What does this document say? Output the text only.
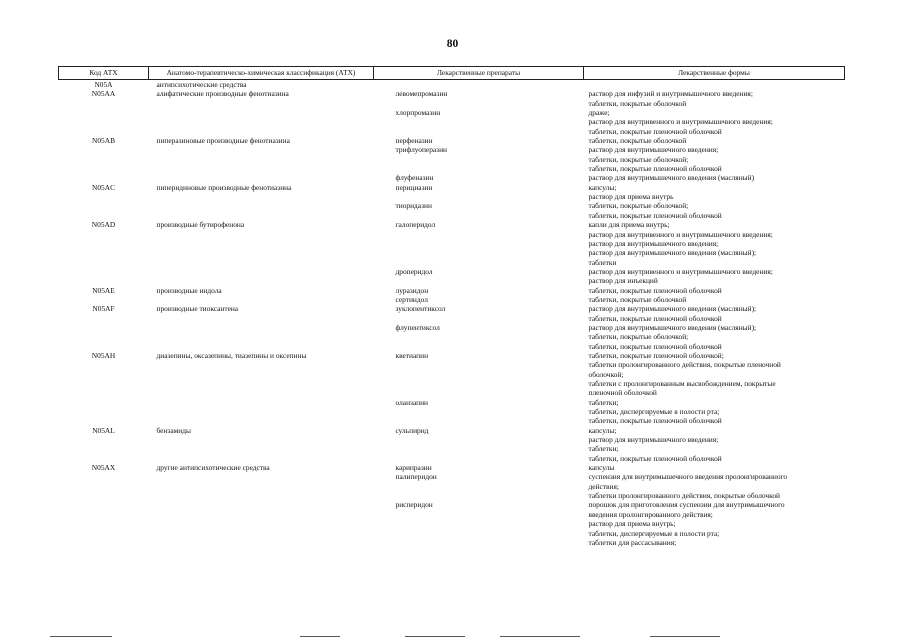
80
Код АТХ	Анатомо-терапевтическо-химическая классификация (АТХ)	Лекарственные препараты	Лекарственные формы
N05A	антипсихотические средства		
N05AA	алифатические производные фенотиазина	левомепромазин	раствор для инфузий и внутримышечного введения;
таблетки, покрытые оболочкой

		хлорпромазин	драже;
раствор для внутривенного и внутримышечного введения;
таблетки, покрытые пленочной оболочкой

N05AB	пиперазиновые производные фенотиазина	перфеназин	таблетки, покрытые оболочкой

		трифлуоперазин	раствор для внутримышечного введения;
таблетки, покрытые оболочкой;
таблетки, покрытые пленочной оболочкой

		флуфеназин	раствор для внутримышечного введения (масляный)

N05AC	пиперидиновые производные фенотиазина	перициазин	капсулы;
раствор для приема внутрь

		тиоридазин	таблетки, покрытые оболочкой;
таблетки, покрытые пленочной оболочкой

N05AD	производные бутирофенона	галоперидол	капли для приема внутрь;
раствор для внутривенного и внутримышечного введения;
раствор для внутримышечного введения;
раствор для внутримышечного введения (масляный);
таблетки

		дроперидол	раствор для внутривенного и внутримышечного введения;
раствор для инъекций

N05AE	производные индола	луразидон	таблетки, покрытые пленочной оболочкой

		сертиндол	таблетки, покрытые оболочкой

N05AF	производные тиоксантена	зуклопентиксол	раствор для внутримышечного введения (масляный);
таблетки, покрытые пленочной оболочкой

		флупентиксол	раствор для внутримышечного введения (масляный);
таблетки, покрытые оболочкой;
таблетки, покрытые пленочной оболочкой

N05AH	диазепины, оксазепины, тиазепины и оксепины	кветиапин	таблетки, покрытые пленочной оболочкой;
таблетки пролонгированного действия, покрытые пленочной
оболочкой;
таблетки с пролонгированным высвобождением, покрытые
пленочной оболочкой

		оланзапин	таблетки;
таблетки, диспергируемые в полости рта;
таблетки, покрытые пленочной оболочкой

N05AL	бензамиды	сульпирид	капсулы;
раствор для внутримышечного введения;
таблетки;
таблетки, покрытые пленочной оболочкой

N05AX	другие антипсихотические средства	карипразин	капсулы

		палиперидон	суспензия для внутримышечного введения пролонгированного
действия;
таблетки пролонгированного действия, покрытые оболочкой

		рисперидон	порошок для приготовления суспензии для внутримышечного
введения пролонгированного действия;
раствор для приема внутрь;
таблетки, диспергируемые в полости рта;
таблетки для рассасывания;
